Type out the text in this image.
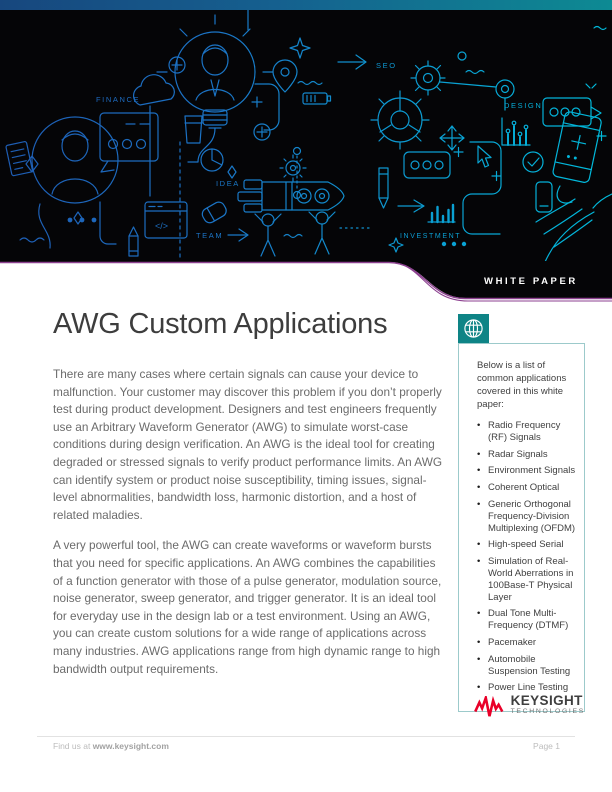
FINANCE
</>
SEO
TEAM
IDEA
INVESTMENT
DESIGN
WHITE PAPER
AWG Custom Applications

There are many cases where certain signals can cause your device to malfunction. Your customer may discover this problem if you don’t properly test during product development. Designers and test engineers frequently use an Arbitrary Waveform Generator (AWG) to simulate worst-case conditions during design verification. An AWG is the ideal tool for creating degraded or stressed signals to verify product performance limits. An AWG can identify system or product noise susceptibility, timing issues, signal-level abnormalities, bandwidth loss, harmonic distortion, and a host of related maladies.

A very powerful tool, the AWG can create waveforms or waveform bursts that you need for specific applications. An AWG combines the capabilities of a function generator with those of a pulse generator, modulation source, noise generator, sweep generator, and trigger generator. It is an ideal tool for everyday use in the design lab or a test environment. Using an AWG, you can create custom solutions for a wide range of applications across many industries. AWG applications range from high dynamic range to high bandwidth output requirements.

Below is a list of common applications covered in this white paper:

• Radio Frequency (RF) Signals
• Radar Signals
• Environment Signals
• Coherent Optical
• Generic Orthogonal Frequency-Division Multiplexing (OFDM)
• High-speed Serial
• Simulation of Real-World Aberrations in 100Base-T Physical Layer
• Dual Tone Multi-Frequency (DTMF)
• Pacemaker
• Automobile Suspension Testing
• Power Line Testing
KEYSIGHT
TECHNOLOGIES
Find us at www.keysight.com	Page 1
